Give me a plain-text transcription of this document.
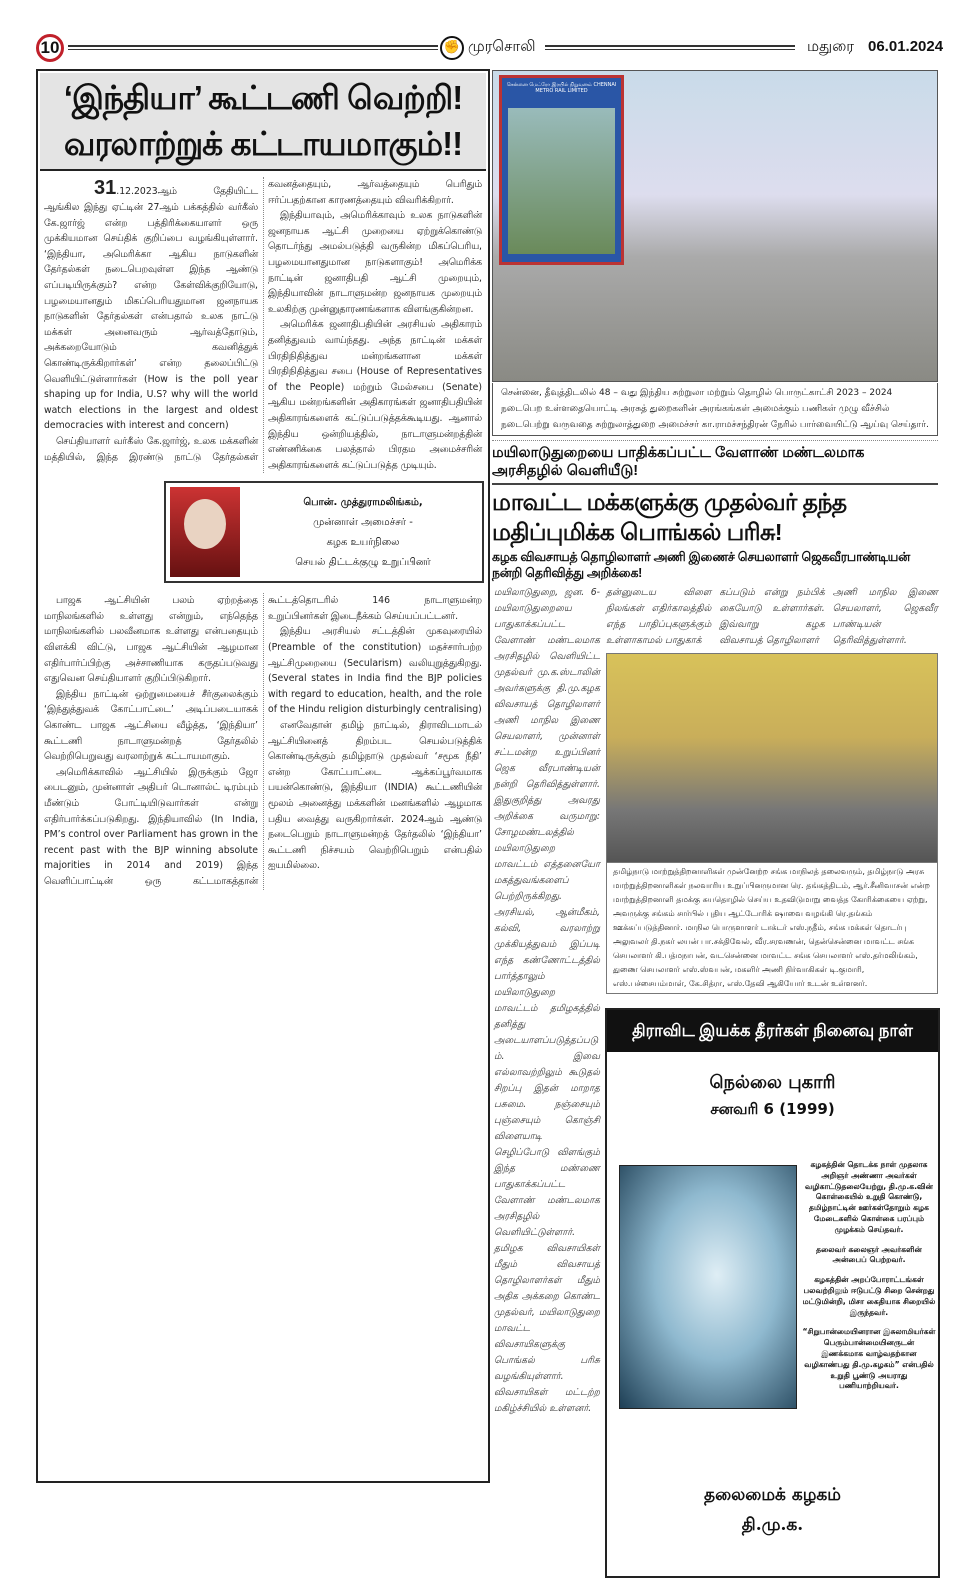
10	✊ முரசொலி	மதுரை 06.01.2024
‘இந்தியா’ கூட்டணி வெற்றி!
வரலாற்றுக் கட்டாயமாகும்!!

31.12.2023ஆம் தேதியிட்ட ஆங்கில இந்து ஏட்டின் 27ஆம் பக்கத்தில் வர்கீஸ் கே.ஜார்ஜ் என்ற பத்திரிக்கையாளர் ஒரு முக்கியமான செய்திக் குறிப்பை வழங்கியுள்ளார். ‘இந்தியா, அமெரிக்கா ஆகிய நாடுகளின் தேர்தல்கள் நடைபெறவுள்ள இந்த ஆண்டு எப்படியிருக்கும்? என்ற கேள்விக்குறியோடு, பழமையானதும் மிகப்பெரியதுமான ஜனநாயக நாடுகளின் தேர்தல்கள் என்பதால் உலக நாட்டு மக்கள் அனைவரும் ஆர்வத்தோடும், அக்கறையோடும் கவனித்துக் கொண்டிருக்கிறார்கள்’ என்ற தலைப்பிட்டு வெளியிட்டுள்ளார்கள் (How is the poll year shaping up for India, U.S? why will the world watch elections in the largest and oldest democracies with interest and concern)

செய்தியாளர் வர்கீஸ் கே.ஜார்ஜ், உலக மக்களின் மத்தியில், இந்த இரண்டு நாட்டு தேர்தல்கள் கவனத்தையும், ஆர்வத்தையும் பெரிதும் ஈர்ப்பதற்கான காரணத்தையும் விவரிக்கிறார்.

இந்தியாவும், அமெரிக்காவும் உலக நாடுகளின் ஜனநாயக ஆட்சி முறையை ஏற்றுக்கொண்டு தொடர்ந்து அமல்படுத்தி வருகின்ற மிகப்பெரிய, பழமையானதுமான நாடுகளாகும்! அமெரிக்க நாட்டின் ஜனாதிபதி ஆட்சி முறையும், இந்தியாவின் நாடாளுமன்ற ஜனநாயக முறையும் உலகிற்கு முன்னுதாரணங்களாக விளங்குகின்றன.

அமெரிக்க ஜனாதிபதியின் அரசியல் அதிகாரம் தனித்துவம் வாய்ந்தது. அந்த நாட்டின் மக்கள் பிரதிநிதித்துவ மன்றங்களான மக்கள் பிரதிநிதித்துவ சபை (House of Representatives of the People) மற்றும் மேல்சபை (Senate) ஆகிய மன்றங்களின் அதிகாரங்கள் ஜனாதிபதியின் அதிகாரங்களைக் கட்டுப்படுத்தக்கூடியது. ஆனால் இந்திய ஒன்றியத்தில், நாடாளுமன்றத்தின் எண்ணிக்கை பலத்தால் பிரதம அமைச்சரின் அதிகாரங்களைக் கட்டுப்படுத்த முடியும்.

பொன். முத்துராமலிங்கம்,
முன்னாள் அமைச்சர் -
கழக உயர்நிலை
செயல் திட்டக்குழு உறுப்பினர்

பாஜக ஆட்சியின் பலம் ஏற்றத்தை மாநிலங்களில் உள்ளது என்றும், எந்தெந்த மாநிலங்களில் பலவீனமாக உள்ளது என்பதையும் விளக்கி விட்டு, பாஜக ஆட்சியின் ஆழமான எதிர்பார்ப்பிற்கு அச்சாணியாக கருதப்படுவது எதுவென செய்தியாளர் குறிப்பிடுகிறார்.

இந்திய நாட்டின் ஒற்றுமையைச் சீர்குலைக்கும் ‘இந்துத்துவக் கோட்பாட்டை’ அடிப்படையாகக் கொண்ட பாஜக ஆட்சியை வீழ்த்த, ‘இந்தியா’ கூட்டணி நாடாளுமன்றத் தேர்தலில் வெற்றிபெறுவது வரலாற்றுக் கட்டாயமாகும்.

அமெரிக்காவில் ஆட்சியில் இருக்கும் ஜோ பைடனும், முன்னாள் அதிபர் டொனால்ட் டிரம்பும் மீண்டும் போட்டியிடுவார்கள் என்று எதிர்பார்க்கப்படுகிறது. இந்தியாவில் (In India, PM’s control over Parliament has grown in the recent past with the BJP winning absolute majorities in 2014 and 2019) இந்த வெளிப்பாட்டின் ஒரு கட்டமாகத்தான் கூட்டத்தொடரில் 146 நாடாளுமன்ற உறுப்பினர்கள் இடைநீக்கம் செய்யப்பட்டனர்.

இந்திய அரசியல் சட்டத்தின் முகவுரையில் (Preamble of the constitution) மதச்சார்பற்ற ஆட்சிமுறையை (Secularism) வலியுறுத்துகிறது. (Several states in India find the BJP policies with regard to education, health, and the role of the Hindu religion disturbingly centralising)

எனவேதான் தமிழ் நாட்டில், திராவிடமாடல் ஆட்சியினைத் திறம்பட செயல்படுத்திக் கொண்டிருக்கும் தமிழ்நாடு முதல்வர் ‘சமூக நீதி’ என்ற கோட்பாட்டை ஆக்கப்பூர்வமாக பயன்கொண்டு, இந்தியா (INDIA) கூட்டணியின் மூலம் அனைத்து மக்களின் மனங்களில் ஆழமாக பதிய வைத்து வருகிறார்கள். 2024ஆம் ஆண்டு நடைபெறும் நாடாளுமன்றத் தேர்தலில் ‘இந்தியா’ கூட்டணி நிச்சயம் வெற்றிபெறும் என்பதில் ஐயமில்லை.

சென்னை மெட்ரோ இரயில் நிறுவனம் CHENNAI METRO RAIL LIMITED
சென்னை, தீவுத்திடலில் 48 – வது இந்திய சுற்றுலா மற்றும் தொழில் பொருட்காட்சி 2023 – 2024 நடைபெற உள்ளதையொட்டி அரசுத் துறைகளின் அரங்கங்கள் அமைக்கும் பணிகள் முழு வீச்சில் நடைபெற்று வருவதை சுற்றுலாத்துறை அமைச்சர் கா.ராமச்சந்திரன் நேரில் பார்வையிட்டு ஆய்வு செய்தார்.
மயிலாடுதுறையை பாதிக்கப்பட்ட வேளாண் மண்டலமாக அரசிதழில் வெளியீடு!
மாவட்ட மக்களுக்கு முதல்வர் தந்த மதிப்புமிக்க பொங்கல் பரிசு!
கழக விவசாயத் தொழிலாளர் அணி இணைச் செயலாளர் ஜெகவீரபாண்டியன் நன்றி தெரிவித்து அறிக்கை!
மயிலாடுதுறை, ஜன. 6- மயிலாடுதுறையை பாதுகாக்கப்பட்ட வேளாண் மண்டலமாக அரசிதழில் வெளியிட்ட முதல்வர் மு.க.ஸ்டாலின் அவர்களுக்கு தி.மு.கழக விவசாயத் தொழிலாளர் அணி மாநில இணை செயலாளர், முன்னாள் சட்டமன்ற உறுப்பினர் ஜெக வீரபாண்டியன் நன்றி தெரிவித்துள்ளார். இதுகுறித்து அவரது அறிக்கை வருமாறு: சோழமண்டலத்தில் மயிலாடுதுறை மாவட்டம் எத்தனையோ மகத்துவங்களைப் பெற்றிருக்கிறது. அரசியல், ஆன்மீகம், கல்வி, வரலாற்று முக்கியத்துவம் இப்படி எந்த கண்ணோட்டத்தில் பார்த்தாலும் மயிலாடுதுறை மாவட்டம் தமிழகத்தில் தனித்து அடையாளப்படுத்தப்படும். இவை எல்லாவற்றிலும் கூடுதல் சிறப்பு இதன் மாறாத பசுமை. நஞ்சையும் புஞ்சையும் கொஞ்சி விளையாடி செழிப்போடு விளங்கும் இந்த மண்ணை பாதுகாக்கப்பட்ட வேளாண் மண்டலமாக அரசிதழில் வெளியிட்டுள்ளார். தமிழக விவசாயிகள் மீதும் விவசாயத் தொழிலாளர்கள் மீதும் அதிக அக்கறை கொண்ட முதல்வர், மயிலாடுதுறை மாவட்ட விவசாயிகளுக்கு பொங்கல் பரிசு வழங்கியுள்ளார். விவசாயிகள் மட்டற்ற மகிழ்ச்சியில் உள்ளனர்.
தன்னுடைய விளை நிலங்கள் எதிர்காலத்தில் எந்த பாதிப்புகளுக்கும் உள்ளாகாமல் பாதுகாக்
கப்படும் என்று நம்பிக் கையோடு உள்ளார்கள். இவ்வாறு கழக விவசாயத் தொழிலாளர்
அணி மாநில இணை செயலாளர், ஜெகவீர பாண்டியன் தெரிவித்துள்ளார்.
தமிழ்நாடு மாற்றுத்திறனாளிகள் முன்னேற்ற சங்க மாநிலத் தலைவரும், தமிழ்நாடு அரசு மாற்றுத்திறனாளிகள் நலவாரிய உறுப்பினருமான ரெ. தங்கத்திடம், ஆர்.சீனிவாசன் என்ற மாற்றுத்திறனாளி தமக்கு சுயதொழில் செய்ய உதவிடுமாறு வைத்த கோரிக்கையை ஏற்று, அவருக்கு சங்கம் சார்பில் புதிய ஆட்டோரிக் ஷாவை வழங்கி ரெ.தங்கம் ஊக்கப்படுத்தினார். மாநில பொருளாளர் டாக்டர் எஸ்.நதீம், சங்க மக்கள் தொடர்பு அலுவலர் தி.நகர் லயன் பா.சக்திவேல், வீர.சரவணன், தென்சென்னை மாவட்ட சங்க செயலாளர் கி.பத்மநாபன், வடசென்னை மாவட்ட சங்க செயலாளர் எஸ்.தர்மலிங்கம், துணை செயலாளர் எஸ்.ஸ்வபன், மகளிர் அணி நிர்வாகிகள் டி.குமாரி, எஸ்.பச்சையம்மாள், கே.சித்ரா, எஸ்.தேவி ஆகியோர் உடன் உள்ளனர்.
திராவிட இயக்க தீரர்கள் நினைவு நாள்
நெல்லை புகாரி
சனவரி 6 (1999)

கழகத்தின் தொடக்க நாள் முதலாக அறிஞர் அண்ணா அவர்கள் வழிகாட்டுதலையேற்று, தி.மு.க.வின் கொள்கையில் உறுதி கொண்டு, தமிழ்நாட்டின் ஊர்கள்தோறும் கழக மேடைகளில் கொள்கை பரப்பும் முழக்கம் செய்தவர்.

தலைவர் கலைஞர் அவர்களின் அன்பைப் பெற்றவர்.

கழகத்தின் அறப்போராட்டங்கள் பலவற்றிலும் ஈடுபட்டு சிறை சென்றது மட்டுமின்றி, மிசா கைதியாக சிறையில் இருந்தவர்.

“சிறுபான்மையினரான இசுலாமியர்கள் பெரும்பான்மையினருடன் இணக்கமாக வாழ்வதற்கான வழிகாண்பது தி.மு.கழகம்” என்பதில் உறுதி பூண்டு அயராது பணியாற்றியவர்.

தலைமைக் கழகம்
தி.மு.க.
